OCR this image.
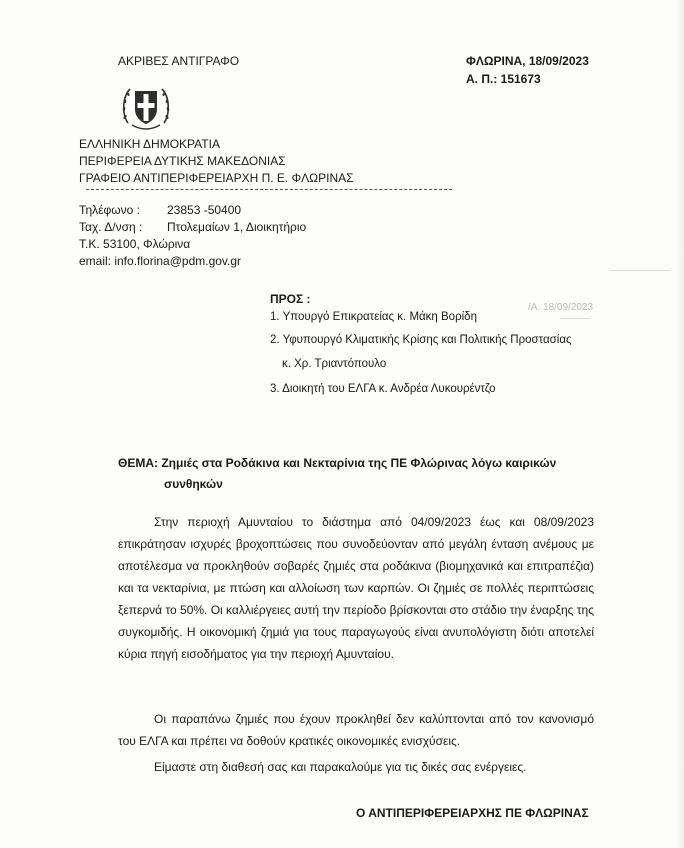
ΑΚΡΙΒΕΣ ΑΝΤΙΓΡΑΦΟ	ΦΛΩΡΙΝΑ, 18/09/2023
Α. Π.: 151673
ΕΛΛΗΝΙΚΗ ΔΗΜΟΚΡΑΤΙΑ
ΠΕΡΙΦΕΡΕΙΑ ΔΥΤΙΚΗΣ ΜΑΚΕΔΟΝΙΑΣ
ΓΡΑΦΕΙΟ ΑΝΤΙΠΕΡΙΦΕΡΕΙΑΡΧΗ Π. Ε. ΦΛΩΡΙΝΑΣ
Τηλέφωνο : 23853 -50400
Ταχ. Δ/νση : Πτολεμαίων 1, Διοικητήριο
Τ.Κ. 53100, Φλώρινα
email: info.florina@pdm.gov.gr
/Α. 18/09/2023
ΠΡΟΣ :
1. Υπουργό Επικρατείας κ. Μάκη Βορίδη
2. Υφυπουργό Κλιματικής Κρίσης και Πολιτικής Προστασίας
κ. Χρ. Τριαντόπουλο
3. Διοικητή του ΕΛΓΑ κ. Ανδρέα Λυκουρέντζο
ΘΕΜΑ: Ζημιές στα Ροδάκινα και Νεκταρίνια της ΠΕ Φλώρινας λόγω καιρικών
συνθηκών
Στην περιοχή Αμυνταίου το διάστημα από 04/09/2023 έως και 08/09/2023 επικράτησαν ισχυρές βροχοπτώσεις που συνοδεύονταν από μεγάλη ένταση ανέμους με αποτέλεσμα να προκληθούν σοβαρές ζημιές στα ροδάκινα (βιομηχανικά και επιτραπέζια) και τα νεκταρίνια, με πτώση και αλλοίωση των καρπών. Οι ζημιές σε πολλές περιπτώσεις ξεπερνά το 50%. Οι καλλιέργειες αυτή την περίοδο βρίσκονται στο στάδιο την έναρξης της συγκομιδής. Η οικονομική ζημιά για τους παραγωγούς είναι ανυπολόγιστη διότι αποτελεί κύρια πηγή εισοδήματος για την περιοχή Αμυνταίου.
Οι παραπάνω ζημιές που έχουν προκληθεί δεν καλύπτονται από τον κανονισμό του ΕΛΓΑ και πρέπει να δοθούν κρατικές οικονομικές ενισχύσεις.
Είμαστε στη διαθεσή σας και παρακαλούμε για τις δικές σας ενέργειες.
Ο ΑΝΤΙΠΕΡΙΦΕΡΕΙΑΡΧΗΣ ΠΕ ΦΛΩΡΙΝΑΣ
